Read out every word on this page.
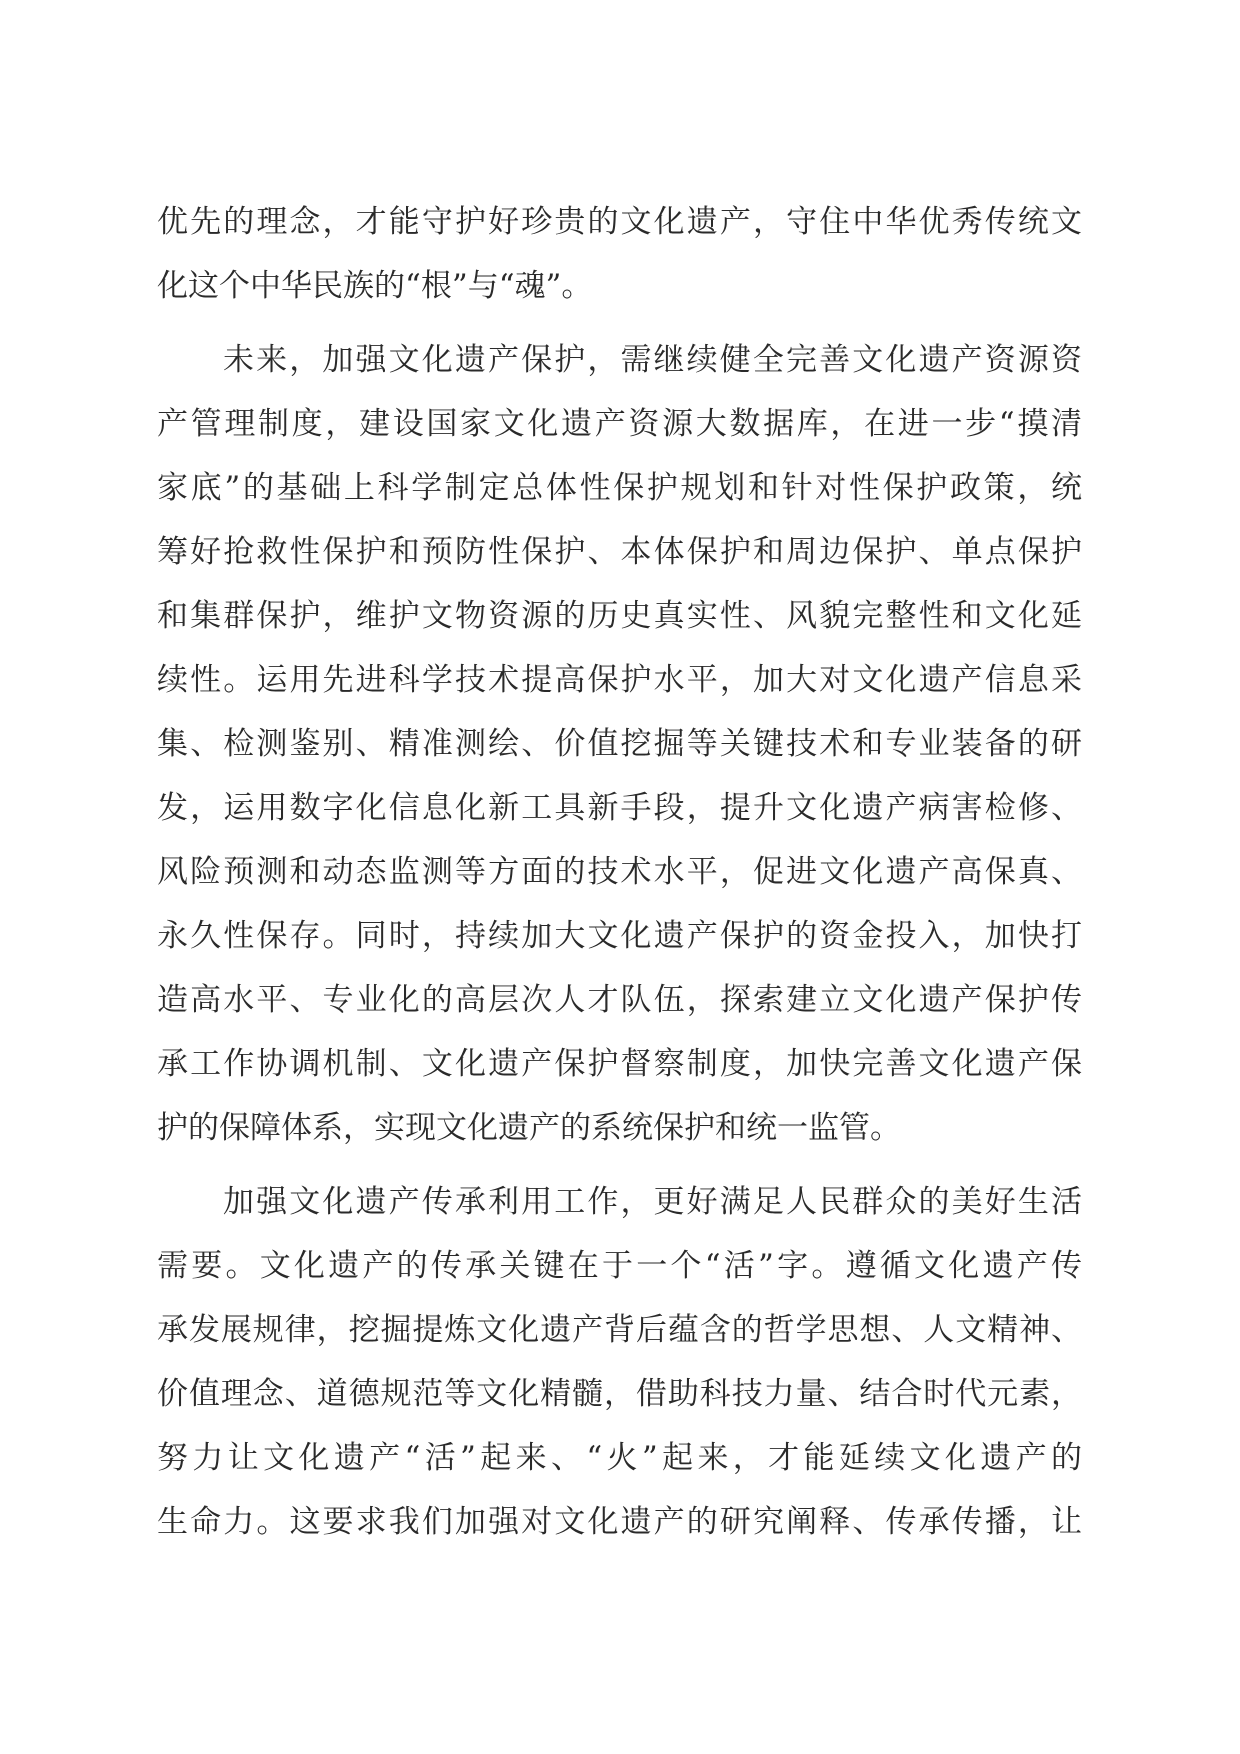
优先的理念，才能守护好珍贵的文化遗产，守住中华优秀传统文
化这个中华民族的“根”与“魂”。
未来，加强文化遗产保护，需继续健全完善文化遗产资源资
产管理制度，建设国家文化遗产资源大数据库，在进一步“摸清
家底”的基础上科学制定总体性保护规划和针对性保护政策，统
筹好抢救性保护和预防性保护、本体保护和周边保护、单点保护
和集群保护，维护文物资源的历史真实性、风貌完整性和文化延
续性。运用先进科学技术提高保护水平，加大对文化遗产信息采
集、检测鉴别、精准测绘、价值挖掘等关键技术和专业装备的研
发，运用数字化信息化新工具新手段，提升文化遗产病害检修、
风险预测和动态监测等方面的技术水平，促进文化遗产高保真、
永久性保存。同时，持续加大文化遗产保护的资金投入，加快打
造高水平、专业化的高层次人才队伍，探索建立文化遗产保护传
承工作协调机制、文化遗产保护督察制度，加快完善文化遗产保
护的保障体系，实现文化遗产的系统保护和统一监管。
加强文化遗产传承利用工作，更好满足人民群众的美好生活
需要。文化遗产的传承关键在于一个“活”字。遵循文化遗产传
承发展规律，挖掘提炼文化遗产背后蕴含的哲学思想、人文精神、
价值理念、道德规范等文化精髓，借助科技力量、结合时代元素，
努力让文化遗产“活”起来、“火”起来，才能延续文化遗产的
生命力。这要求我们加强对文化遗产的研究阐释、传承传播，让
